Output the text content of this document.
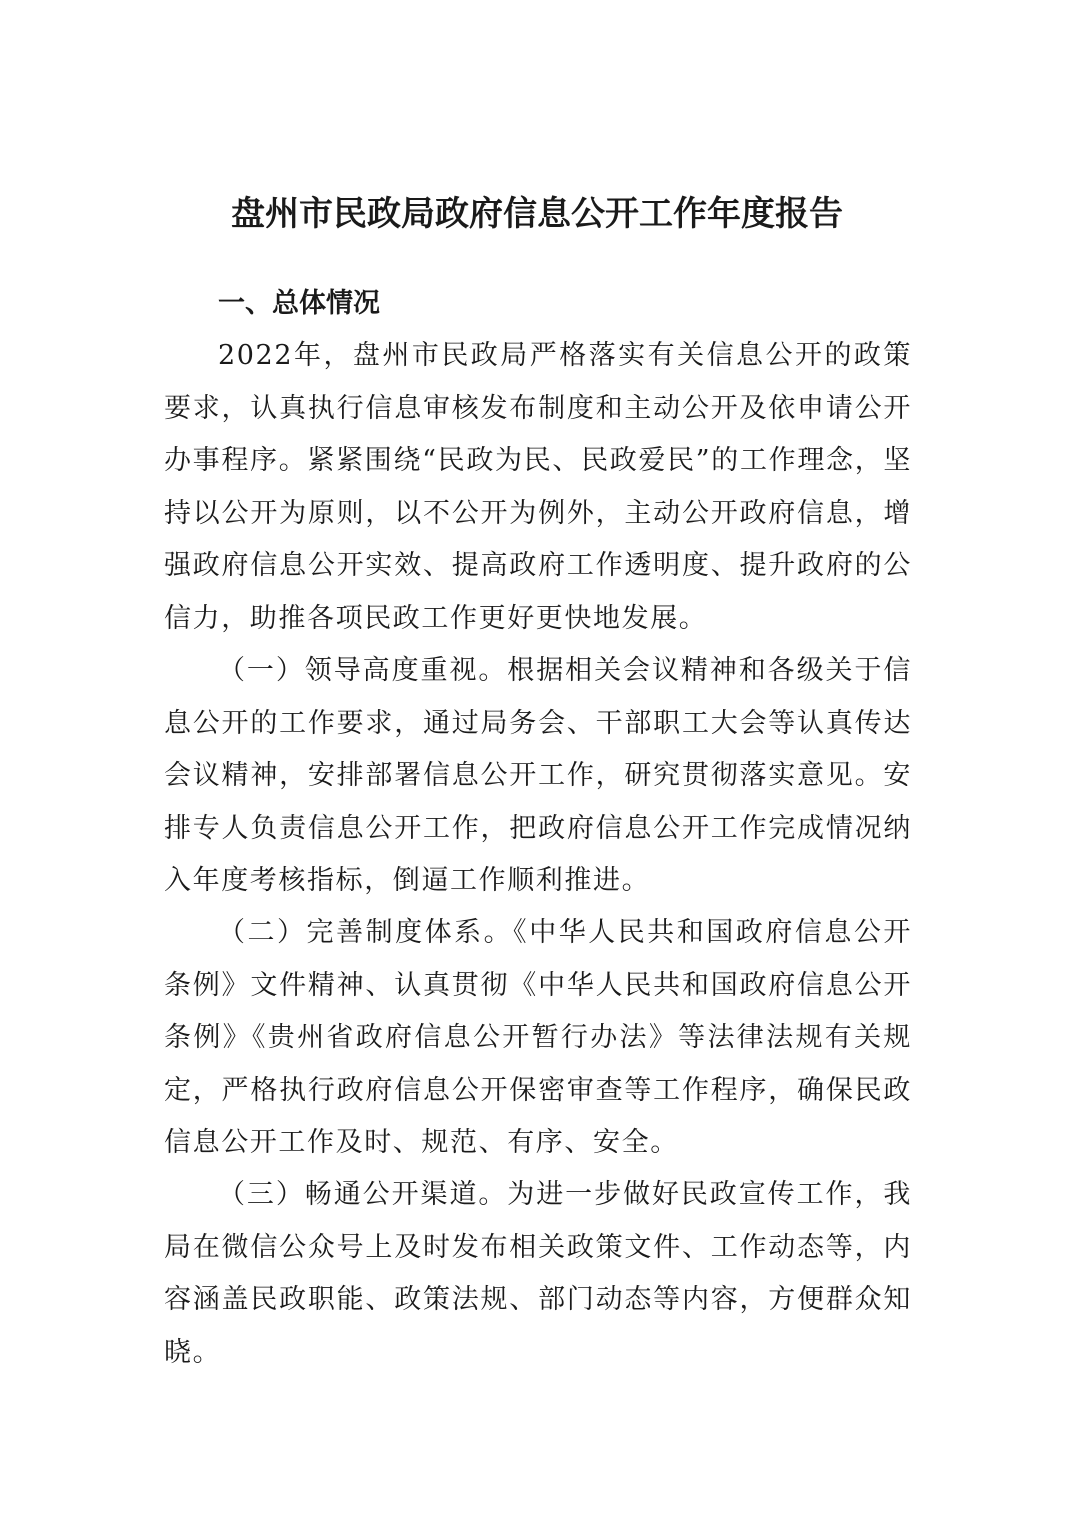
盘州市民政局政府信息公开工作年度报告
一、总体情况

2022年，盘州市民政局严格落实有关信息公开的政策要求，认真执行信息审核发布制度和主动公开及依申请公开办事程序。紧紧围绕“民政为民、民政爱民”的工作理念，坚持以公开为原则，以不公开为例外，主动公开政府信息，增强政府信息公开实效、提高政府工作透明度、提升政府的公信力，助推各项民政工作更好更快地发展。

（一）领导高度重视。根据相关会议精神和各级关于信息公开的工作要求，通过局务会、干部职工大会等认真传达会议精神，安排部署信息公开工作，研究贯彻落实意见。安排专人负责信息公开工作，把政府信息公开工作完成情况纳入年度考核指标，倒逼工作顺利推进。

（二）完善制度体系。《中华人民共和国政府信息公开条例》文件精神、认真贯彻《中华人民共和国政府信息公开条例》《贵州省政府信息公开暂行办法》等法律法规有关规定，严格执行政府信息公开保密审查等工作程序，确保民政信息公开工作及时、规范、有序、安全。

（三）畅通公开渠道。为进一步做好民政宣传工作，我局在微信公众号上及时发布相关政策文件、工作动态等，内容涵盖民政职能、政策法规、部门动态等内容，方便群众知晓。
